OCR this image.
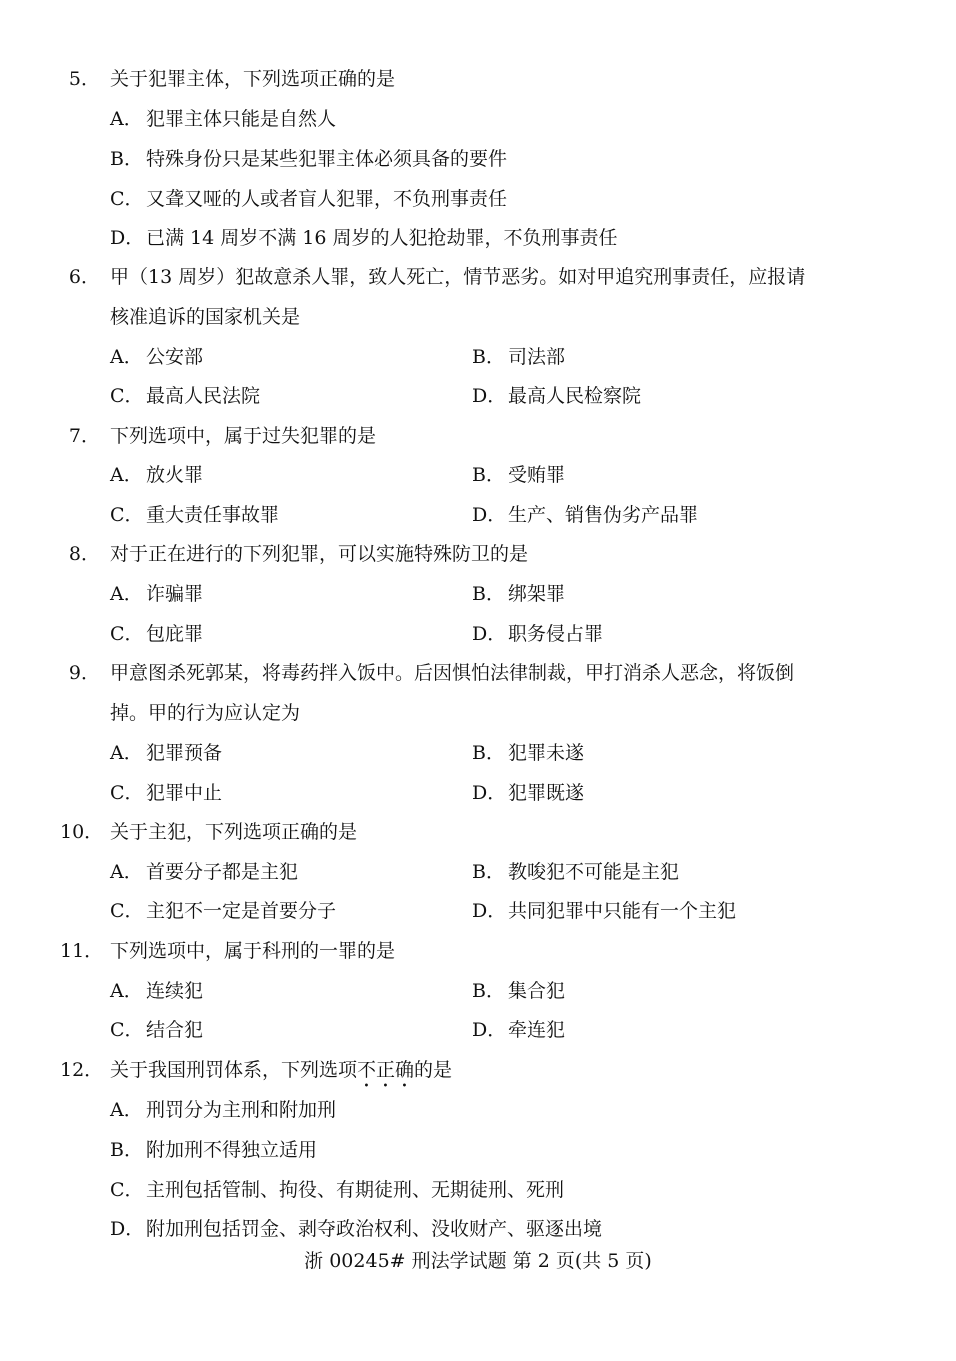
5． 关于犯罪主体，下列选项正确的是
A． 犯罪主体只能是自然人
B． 特殊身份只是某些犯罪主体必须具备的要件
C． 又聋又哑的人或者盲人犯罪，不负刑事责任
D． 已满 14 周岁不满 16 周岁的人犯抢劫罪，不负刑事责任
6． 甲（13 周岁）犯故意杀人罪，致人死亡，情节恶劣。如对甲追究刑事责任，应报请
核准追诉的国家机关是
A． 公安部	B． 司法部
C． 最高人民法院	D． 最高人民检察院
7． 下列选项中，属于过失犯罪的是
A． 放火罪	B． 受贿罪
C． 重大责任事故罪	D． 生产、销售伪劣产品罪
8． 对于正在进行的下列犯罪，可以实施特殊防卫的是
A． 诈骗罪	B． 绑架罪
C． 包庇罪	D． 职务侵占罪
9． 甲意图杀死郭某，将毒药拌入饭中。后因惧怕法律制裁，甲打消杀人恶念，将饭倒
掉。甲的行为应认定为
A． 犯罪预备	B． 犯罪未遂
C． 犯罪中止	D． 犯罪既遂
10． 关于主犯，下列选项正确的是
A． 首要分子都是主犯	B． 教唆犯不可能是主犯
C． 主犯不一定是首要分子	D． 共同犯罪中只能有一个主犯
11． 下列选项中，属于科刑的一罪的是
A． 连续犯	B． 集合犯
C． 结合犯	D． 牵连犯
12． 关于我国刑罚体系，下列选项不正确的是
A． 刑罚分为主刑和附加刑
B． 附加刑不得独立适用
C． 主刑包括管制、拘役、有期徒刑、无期徒刑、死刑
D． 附加刑包括罚金、剥夺政治权利、没收财产、驱逐出境
浙 00245# 刑法学试题 第 2 页(共 5 页)
